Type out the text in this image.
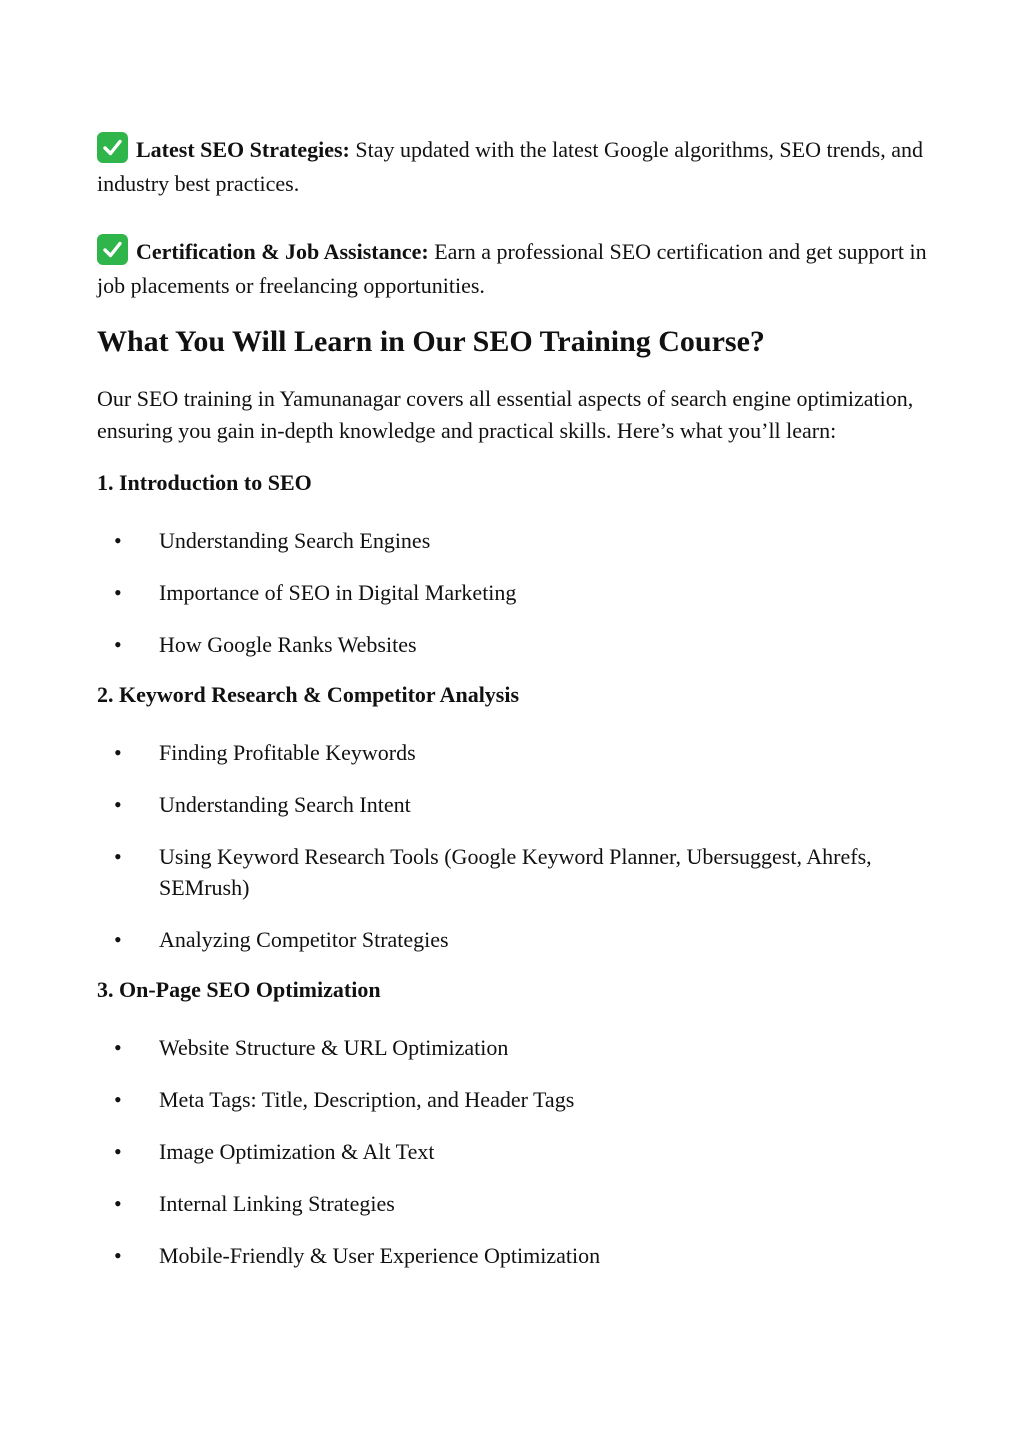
Latest SEO Strategies: Stay updated with the latest Google algorithms, SEO trends, and industry best practices.

Certification & Job Assistance: Earn a professional SEO certification and get support in job placements or freelancing opportunities.

What You Will Learn in Our SEO Training Course?

Our SEO training in Yamunanagar covers all essential aspects of search engine optimization, ensuring you gain in-depth knowledge and practical skills. Here’s what you’ll learn:

1. Introduction to SEO

• Understanding Search Engines
• Importance of SEO in Digital Marketing
• How Google Ranks Websites

2. Keyword Research & Competitor Analysis

• Finding Profitable Keywords
• Understanding Search Intent
• Using Keyword Research Tools (Google Keyword Planner, Ubersuggest, Ahrefs, SEMrush)
• Analyzing Competitor Strategies

3. On-Page SEO Optimization

• Website Structure & URL Optimization
• Meta Tags: Title, Description, and Header Tags
• Image Optimization & Alt Text
• Internal Linking Strategies
• Mobile-Friendly & User Experience Optimization
